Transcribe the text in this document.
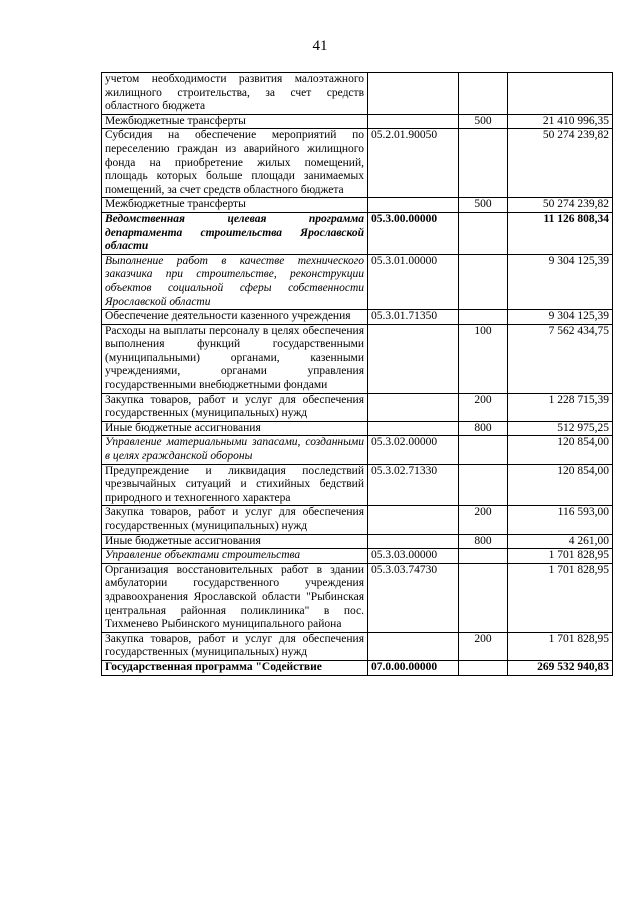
41
учетом необходимости развития малоэтажного жилищного строительства, за счет средств областного бюджета			
Межбюджетные трансферты		500	21 410 996,35
Субсидия на обеспечение мероприятий по переселению граждан из аварийного жилищного фонда на приобретение жилых помещений, площадь которых больше площади занимаемых помещений, за счет средств областного бюджета	05.2.01.90050		50 274 239,82
Межбюджетные трансферты		500	50 274 239,82
Ведомственная целевая программа департамента строительства Ярославской области	05.3.00.00000		11 126 808,34
Выполнение работ в качестве технического заказчика при строительстве, реконструкции объектов социальной сферы собственности Ярославской области	05.3.01.00000		9 304 125,39
Обеспечение деятельности казенного учреждения	05.3.01.71350		9 304 125,39
Расходы на выплаты персоналу в целях обеспечения выполнения функций государственными (муниципальными) органами, казенными учреждениями, органами управления государственными внебюджетными фондами		100	7 562 434,75
Закупка товаров, работ и услуг для обеспечения государственных (муниципальных) нужд		200	1 228 715,39
Иные бюджетные ассигнования		800	512 975,25
Управление материальными запасами, созданными в целях гражданской обороны	05.3.02.00000		120 854,00
Предупреждение и ликвидация последствий чрезвычайных ситуаций и стихийных бедствий природного и техногенного характера	05.3.02.71330		120 854,00
Закупка товаров, работ и услуг для обеспечения государственных (муниципальных) нужд		200	116 593,00
Иные бюджетные ассигнования		800	4 261,00
Управление объектами строительства	05.3.03.00000		1 701 828,95
Организация восстановительных работ в здании амбулатории государственного учреждения здравоохранения Ярославской области "Рыбинская центральная районная поликлиника" в пос. Тихменево Рыбинского муниципального района	05.3.03.74730		1 701 828,95
Закупка товаров, работ и услуг для обеспечения государственных (муниципальных) нужд		200	1 701 828,95
Государственная программа "Содействие	07.0.00.00000		269 532 940,83
